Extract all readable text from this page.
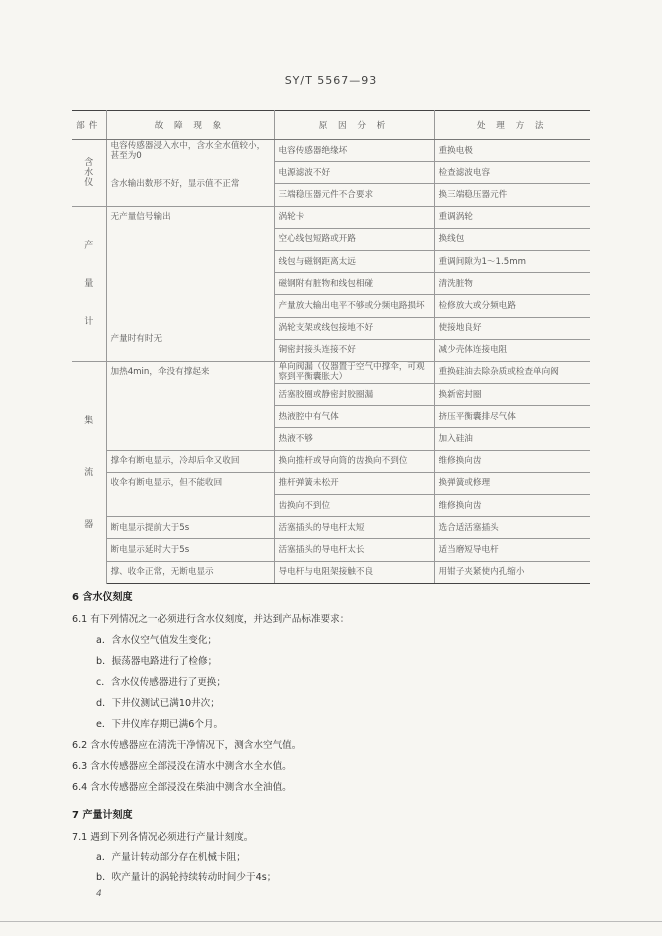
SY/T 5567—93
部件	故 障 现 象	原 因 分 析	处 理 方 法

含水仪	电容传感器浸入水中，含水全水值较小，甚至为0	电容传感器绝缘坏	重换电极
	含水输出数形不好，显示值不正常	电源滤波不好	检查滤波电容
		三端稳压器元件不合要求	换三端稳压器元件

产量计	无产量信号输出	涡轮卡	重调涡轮
		空心线包短路或开路	换线包
		线包与磁钢距离太远	重调间隙为1～1.5mm
		磁钢附有脏物和线包相碰	清洗脏物
		产量放大输出电平不够或分频电路损坏	检修放大或分频电路
	产量时有时无	涡轮支架或线包接地不好	使接地良好
		铜密封接头连接不好	减少壳体连接电阻

集流器	加热4min，伞没有撑起来	单向阀漏（仪器置于空气中撑伞，可观察到平衡囊胀大）	重换硅油去除杂质或检查单向阀
		活塞胶圈或静密封胶圈漏	换新密封圈
		热液腔中有气体	挤压平衡囊排尽气体
		热液不够	加入硅油
	撑伞有断电显示，冷却后伞又收回	换向推杆或导向筒的齿换向不到位	维修换向齿
	收伞有断电显示，但不能收回	推杆弹簧未松开	换弹簧或修理
		齿换向不到位	维修换向齿
	断电显示提前大于5s	活塞插头的导电杆太短	选合适活塞插头
	断电显示延时大于5s	活塞插头的导电杆太长	适当磨短导电杆
	撑、收伞正常，无断电显示	导电杆与电阻架接触不良	用钳子夹紧使内孔缩小
6 含水仪刻度
6.1 有下列情况之一必须进行含水仪刻度，并达到产品标准要求：
a．含水仪空气值发生变化；
b．振荡器电路进行了检修；
c．含水仪传感器进行了更换；
d．下井仪测试已满10井次；
e．下井仪库存期已满6个月。
6.2 含水传感器应在清洗干净情况下，测含水空气值。
6.3 含水传感器应全部浸没在清水中测含水全水值。
6.4 含水传感器应全部浸没在柴油中测含水全油值。
7 产量计刻度
7.1 遇到下列各情况必须进行产量计刻度。
a．产量计转动部分存在机械卡阻；
b．吹产量计的涡轮持续转动时间少于4s；
4
